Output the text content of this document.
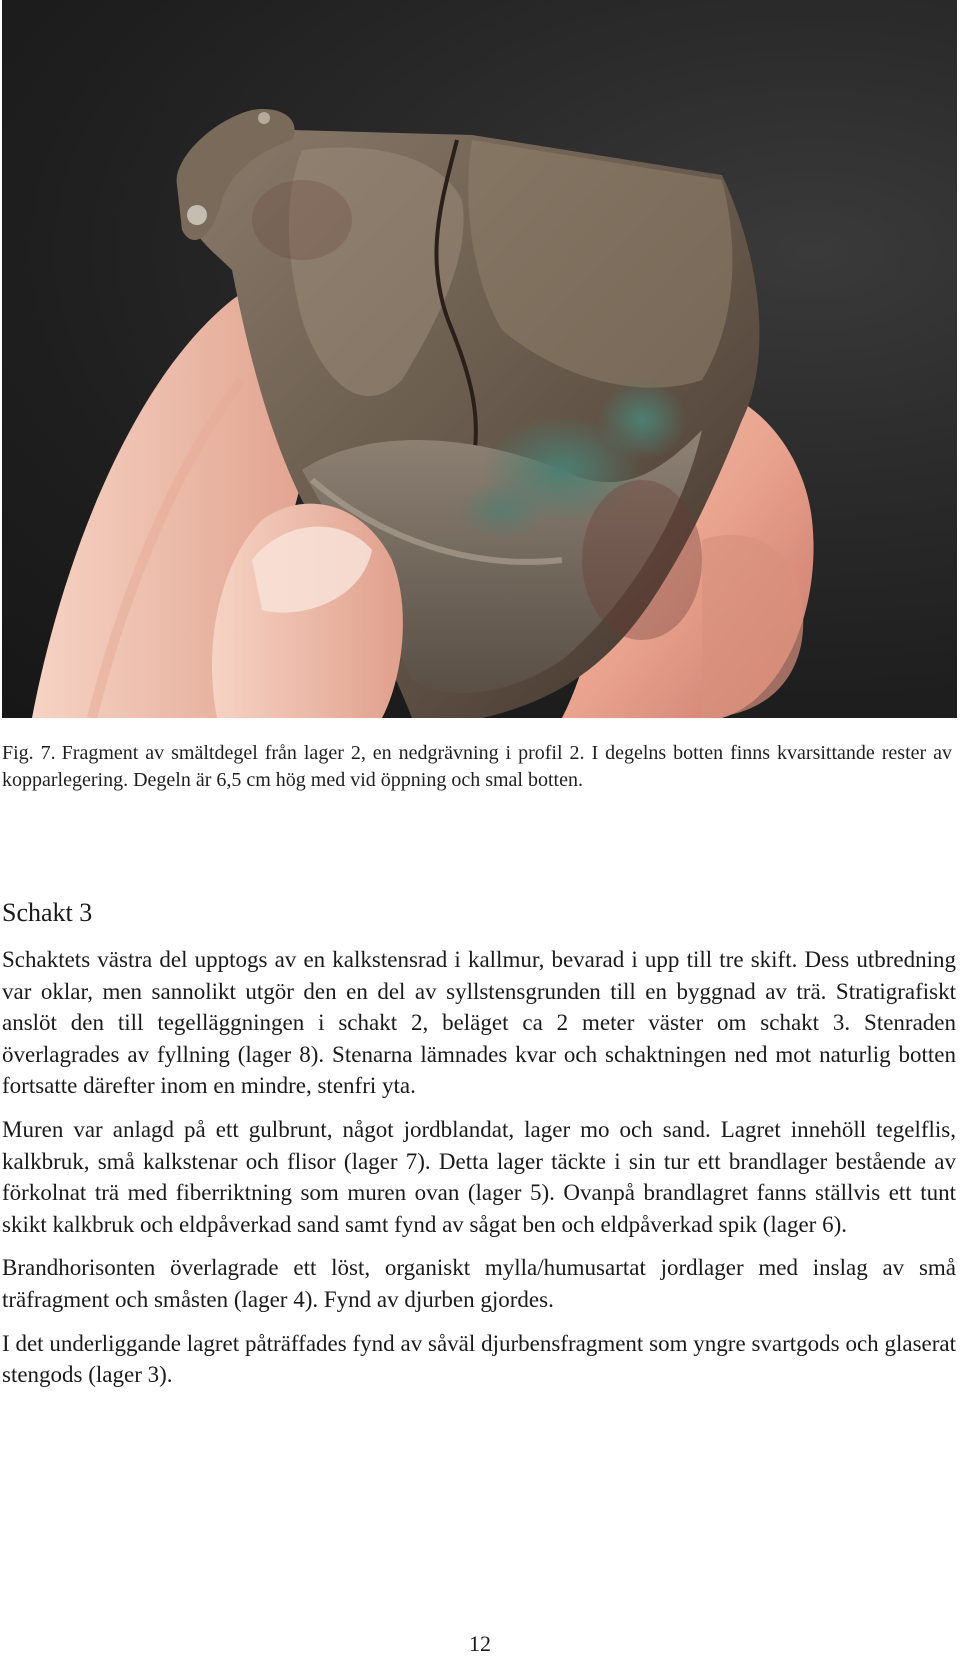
Fig. 7. Fragment av smältdegel från lager 2, en nedgrävning i profil 2. I degelns botten finns kvarsittande rester av kopparlegering. Degeln är 6,5 cm hög med vid öppning och smal botten.
Schakt 3

Schaktets västra del upptogs av en kalkstensrad i kallmur, bevarad i upp till tre skift. Dess utbredning var oklar, men sannolikt utgör den en del av syllstensgrunden till en byggnad av trä. Stratigrafiskt anslöt den till tegelläggningen i schakt 2, beläget ca 2 meter väster om schakt 3. Stenraden överlagrades av fyllning (lager 8). Stenarna lämnades kvar och schaktningen ned mot naturlig botten fortsatte därefter inom en mindre, stenfri yta.

Muren var anlagd på ett gulbrunt, något jordblandat, lager mo och sand. Lagret innehöll tegelflis, kalkbruk, små kalkstenar och flisor (lager 7). Detta lager täckte i sin tur ett brandlager bestående av förkolnat trä med fiberriktning som muren ovan (lager 5). Ovanpå brandlagret fanns ställvis ett tunt skikt kalkbruk och eldpåverkad sand samt fynd av sågat ben och eldpåverkad spik (lager 6).

Brandhorisonten överlagrade ett löst, organiskt mylla/humusartat jordlager med inslag av små träfragment och småsten (lager 4). Fynd av djurben gjordes.

I det underliggande lagret påträffades fynd av såväl djurbensfragment som yngre svartgods och glaserat stengods (lager 3).

12
